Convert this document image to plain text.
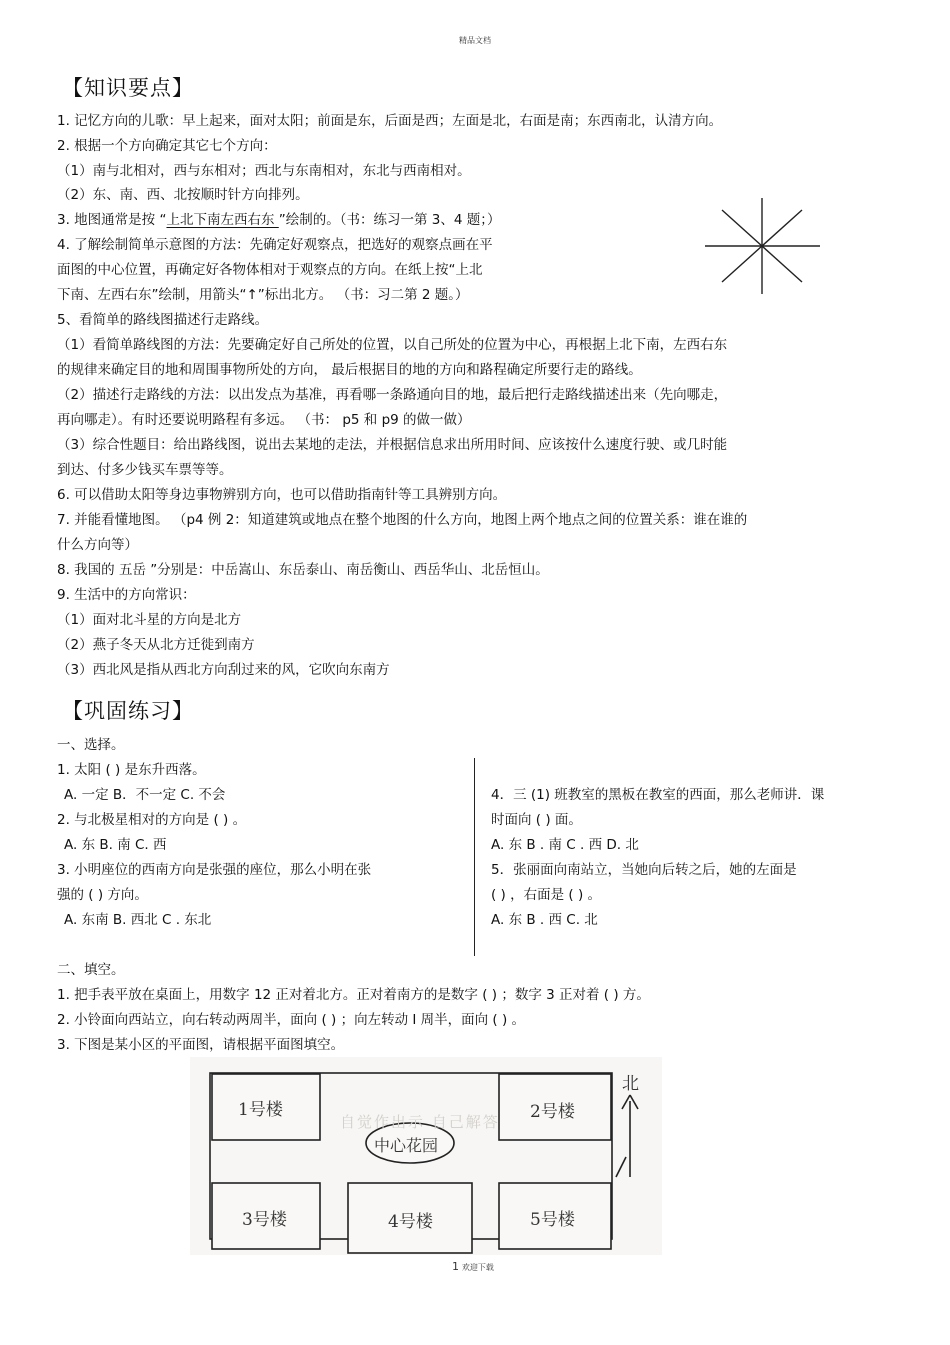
精品文档
【知识要点】
1. 记忆方向的儿歌：早上起来，面对太阳；前面是东，后面是西；左面是北，右面是南；东西南北，认清方向。
2. 根据一个方向确定其它七个方向：
（1）南与北相对，西与东相对；西北与东南相对，东北与西南相对。
（2）东、南、西、北按顺时针方向排列。
3. 地图通常是按 “上北下南左西右东 ”绘制的。（书：练习一第 3、4 题；）
4. 了解绘制简单示意图的方法：先确定好观察点，把选好的观察点画在平
面图的中心位置，再确定好各物体相对于观察点的方向。在纸上按“上北
下南、左西右东”绘制，用箭头“↑”标出北方。 （书：习二第 2 题。）
5、看简单的路线图描述行走路线。
（1）看简单路线图的方法：先要确定好自己所处的位置，以自己所处的位置为中心，再根据上北下南，左西右东
的规律来确定目的地和周围事物所处的方向， 最后根据目的地的方向和路程确定所要行走的路线。
（2）描述行走路线的方法：以出发点为基准，再看哪一条路通向目的地，最后把行走路线描述出来（先向哪走，
再向哪走）。有时还要说明路程有多远。 （书： p5 和 p9 的做一做）
（3）综合性题目：给出路线图，说出去某地的走法，并根据信息求出所用时间、应该按什么速度行驶、或几时能
到达、付多少钱买车票等等。
6. 可以借助太阳等身边事物辨别方向，也可以借助指南针等工具辨别方向。
7. 并能看懂地图。 （p4 例 2：知道建筑或地点在整个地图的什么方向，地图上两个地点之间的位置关系：谁在谁的
什么方向等）
8. 我国的 五岳 ”分别是：中岳嵩山、东岳泰山、南岳衡山、西岳华山、北岳恒山。
9. 生活中的方向常识：
（1）面对北斗星的方向是北方
（2）燕子冬天从北方迁徙到南方
（3）西北风是指从西北方向刮过来的风，它吹向东南方
【巩固练习】
一、选择。
1. 太阳 ( ) 是东升西落。
A. 一定 B．不一定 C. 不会
2. 与北极星相对的方向是 ( ) 。
A. 东 B. 南 C. 西
3. 小明座位的西南方向是张强的座位，那么小明在张
强的 ( ) 方向。
A. 东南 B. 西北 C . 东北
4．三 (1) 班教室的黑板在教室的西面，那么老师讲．课
时面向 ( ) 面。
A. 东 B . 南 C . 西 D. 北
5．张丽面向南站立，当她向后转之后，她的左面是
( ) ，右面是 ( ) 。
A. 东 B . 西 C. 北
二、填空。
1. 把手表平放在桌面上，用数字 12 正对着北方。正对着南方的是数字 ( ) ；数字 3 正对着 ( ) 方。
2. 小铃面向西站立，向右转动两周半，面向 ( ) ；向左转动 I 周半，面向 ( ) 。
3. 下图是某小区的平面图，请根据平面图填空。
自觉作出示 自己解答
1号楼	2号楼
3号楼	4号楼	5号楼
中心花园
北
1 欢迎下载
